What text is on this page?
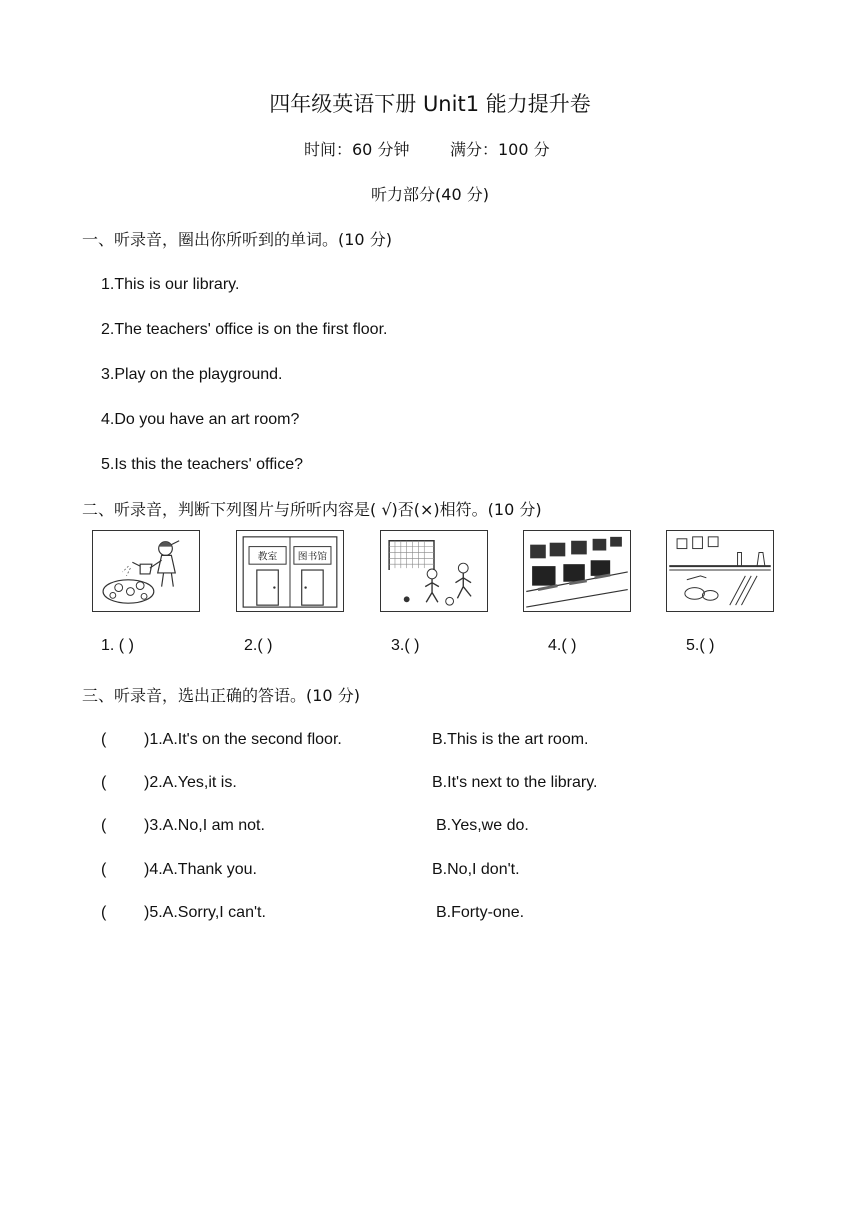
四年级英语下册 Unit1 能力提升卷
时间：60 分钟	满分：100 分
听力部分(40 分)
一、听录音，圈出你所听到的单词。(10 分)
1.This is our library.
2.The teachers' office is on the first floor.
3.Play on the playground.
4.Do you have an art room?
5.Is this the teachers' office?
二、听录音，判断下列图片与所听内容是( √)否(×)相符。(10 分)
教室 图书馆
1. ( )	2.( )	3.( )	4.( )	5.( )
三、听录音，选出正确的答语。(10 分)
( )1.A.It's on the second floor.	B.This is the art room.
( )2.A.Yes,it is.	B.It's next to the library.
( )3.A.No,I am not.	B.Yes,we do.
( )4.A.Thank you.	B.No,I don't.
( )5.A.Sorry,I can't.	B.Forty-one.
